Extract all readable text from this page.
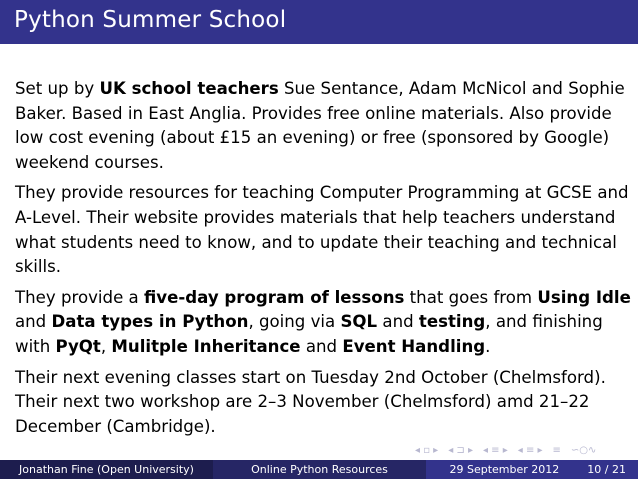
Python Summer School
Set up by UK school teachers Sue Sentance, Adam McNicol and Sophie
Baker. Based in East Anglia. Provides free online materials. Also provide
low cost evening (about £15 an evening) or free (sponsored by Google)
weekend courses.
They provide resources for teaching Computer Programming at GCSE and
A-Level. Their website provides materials that help teachers understand
what students need to know, and to update their teaching and technical
skills.
They provide a five-day program of lessons that goes from Using Idle
and Data types in Python, going via SQL and testing, and finishing
with PyQt, Mulitple Inheritance and Event Handling.
Their next evening classes start on Tuesday 2nd October (Chelmsford).
Their next two workshop are 2–3 November (Chelmsford) amd 21–22
December (Cambridge).
◂ ▫ ▸ ◂ ⊐ ▸ ◂ ≡ ▸ ◂ ≡ ▸ ≡ ∽○∿
Jonathan Fine (Open University)	Online Python Resources	29 September 2012	10 / 21
